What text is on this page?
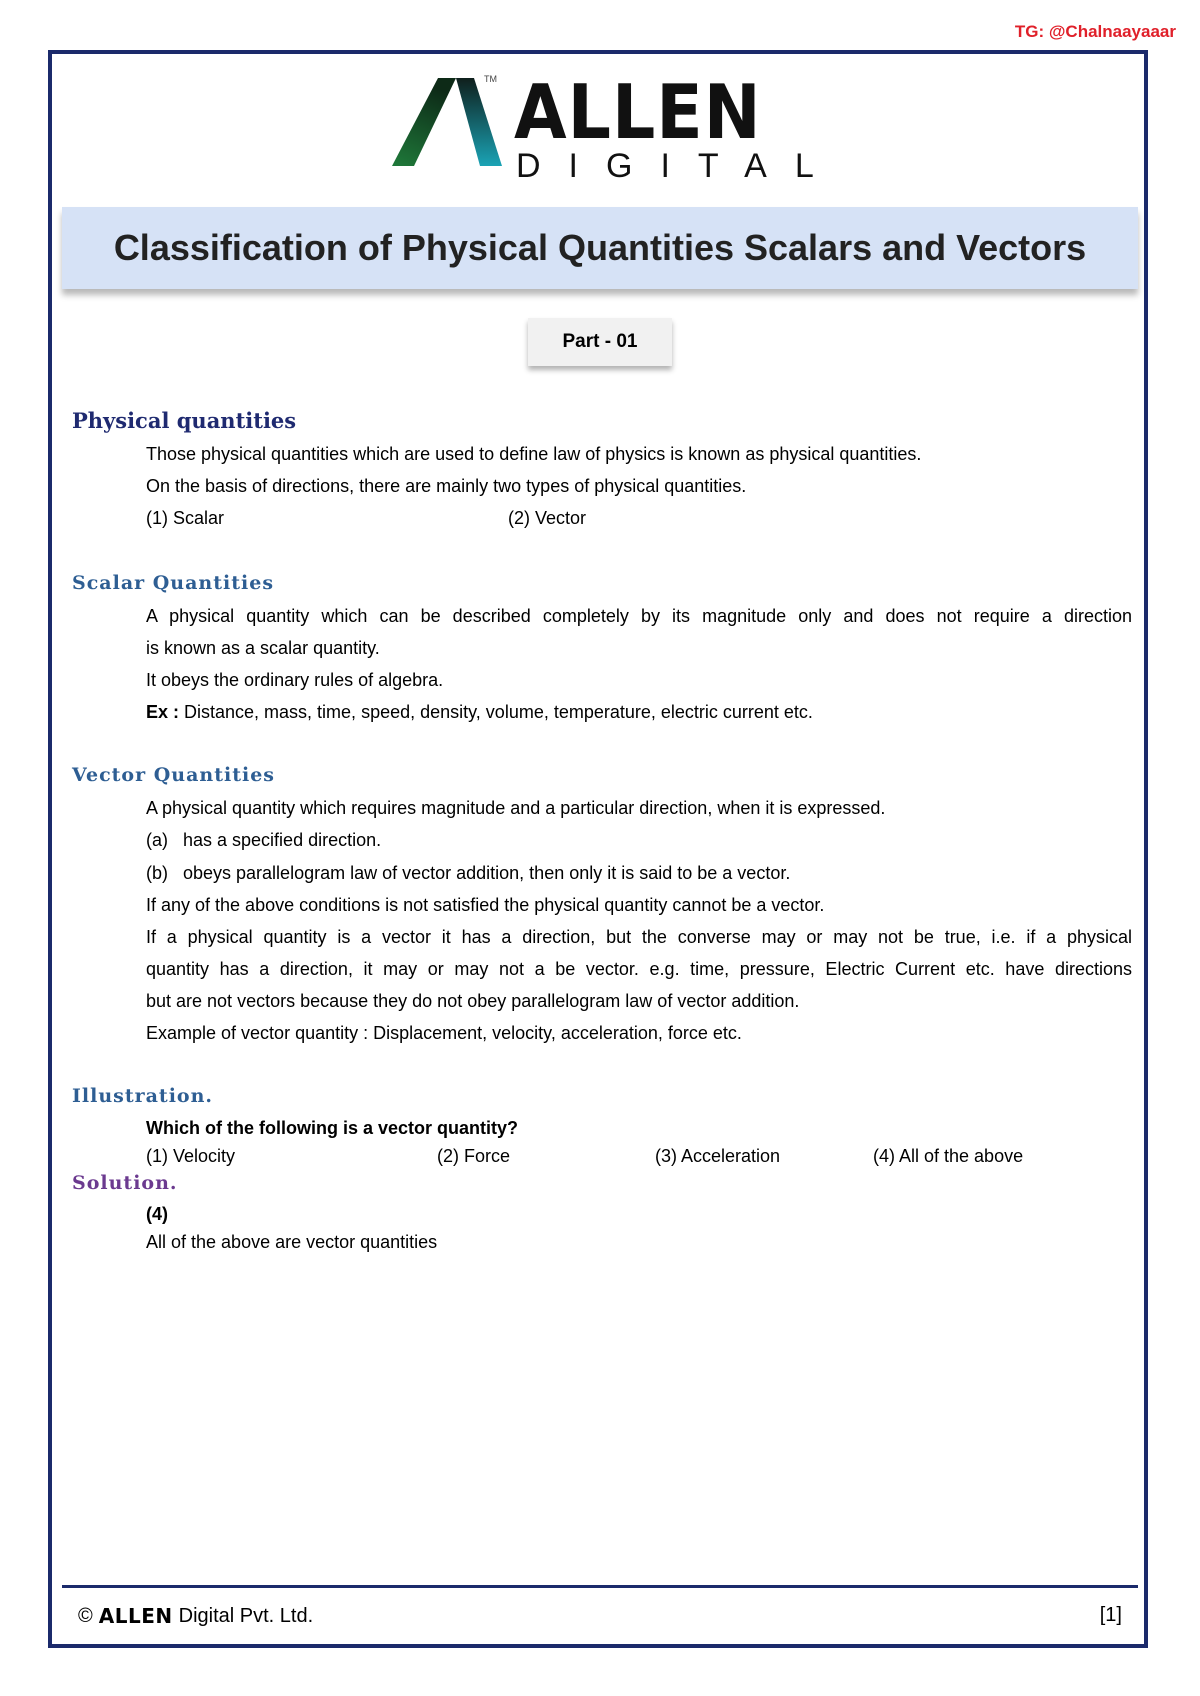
TG: @Chalnaayaaar
TM ALLEN
DIGITAL
Classification of Physical Quantities Scalars and Vectors
Part - 01
Physical quantities
Those physical quantities which are used to define law of physics is known as physical quantities.
On the basis of directions, there are mainly two types of physical quantities.
(1) Scalar	(2) Vector
Scalar Quantities
A physical quantity which can be described completely by its magnitude only and does not require a direction
is known as a scalar quantity.
It obeys the ordinary rules of algebra.
Ex : Distance, mass, time, speed, density, volume, temperature, electric current etc.
Vector Quantities
A physical quantity which requires magnitude and a particular direction, when it is expressed.
(a)   has a specified direction.
(b)   obeys parallelogram law of vector addition, then only it is said to be a vector.
If any of the above conditions is not satisfied the physical quantity cannot be a vector.
If a physical quantity is a vector it has a direction, but the converse may or may not be true, i.e. if a physical
quantity has a direction, it may or may not a be vector. e.g. time, pressure, Electric Current etc. have directions
but are not vectors because they do not obey parallelogram law of vector addition.
Example of vector quantity : Displacement, velocity, acceleration, force etc.
Illustration.
Which of the following is a vector quantity?
(1) Velocity	(2) Force	(3) Acceleration	(4) All of the above
Solution.
(4)
All of the above are vector quantities
© ALLEN Digital Pvt. Ltd.	[1]
